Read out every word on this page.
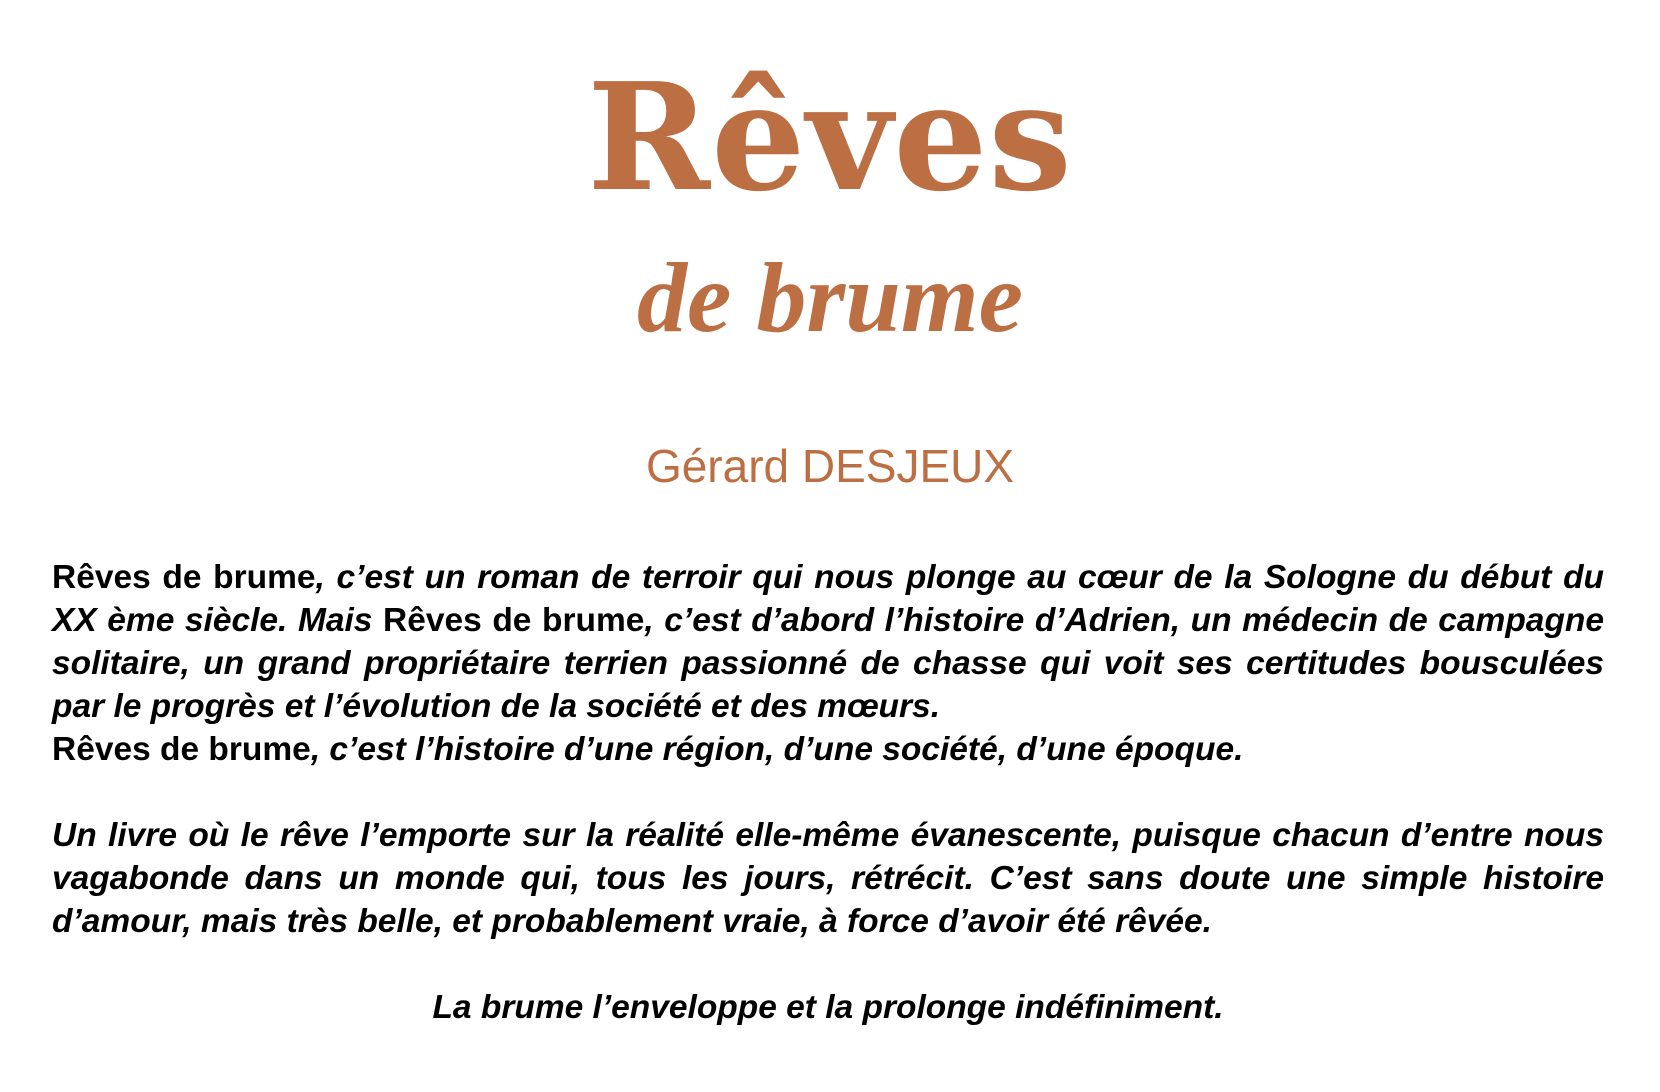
Rêves
de brume
Gérard DESJEUX

Rêves de brume, c’est un roman de terroir qui nous plonge au cœur de la Sologne du début du XX ème siècle. Mais Rêves de brume, c’est d’abord l’histoire d’Adrien, un médecin de campagne solitaire, un grand propriétaire terrien passionné de chasse qui voit ses certitudes bousculées par le progrès et l’évolution de la société et des mœurs.
Rêves de brume, c’est l’histoire d’une région, d’une société, d’une époque.

Un livre où le rêve l’emporte sur la réalité elle-même évanescente, puisque chacun d’entre nous vagabonde dans un monde qui, tous les jours, rétrécit. C’est sans doute une simple histoire d’amour, mais très belle, et probablement vraie, à force d’avoir été rêvée.

La brume l’enveloppe et la prolonge indéfiniment.
